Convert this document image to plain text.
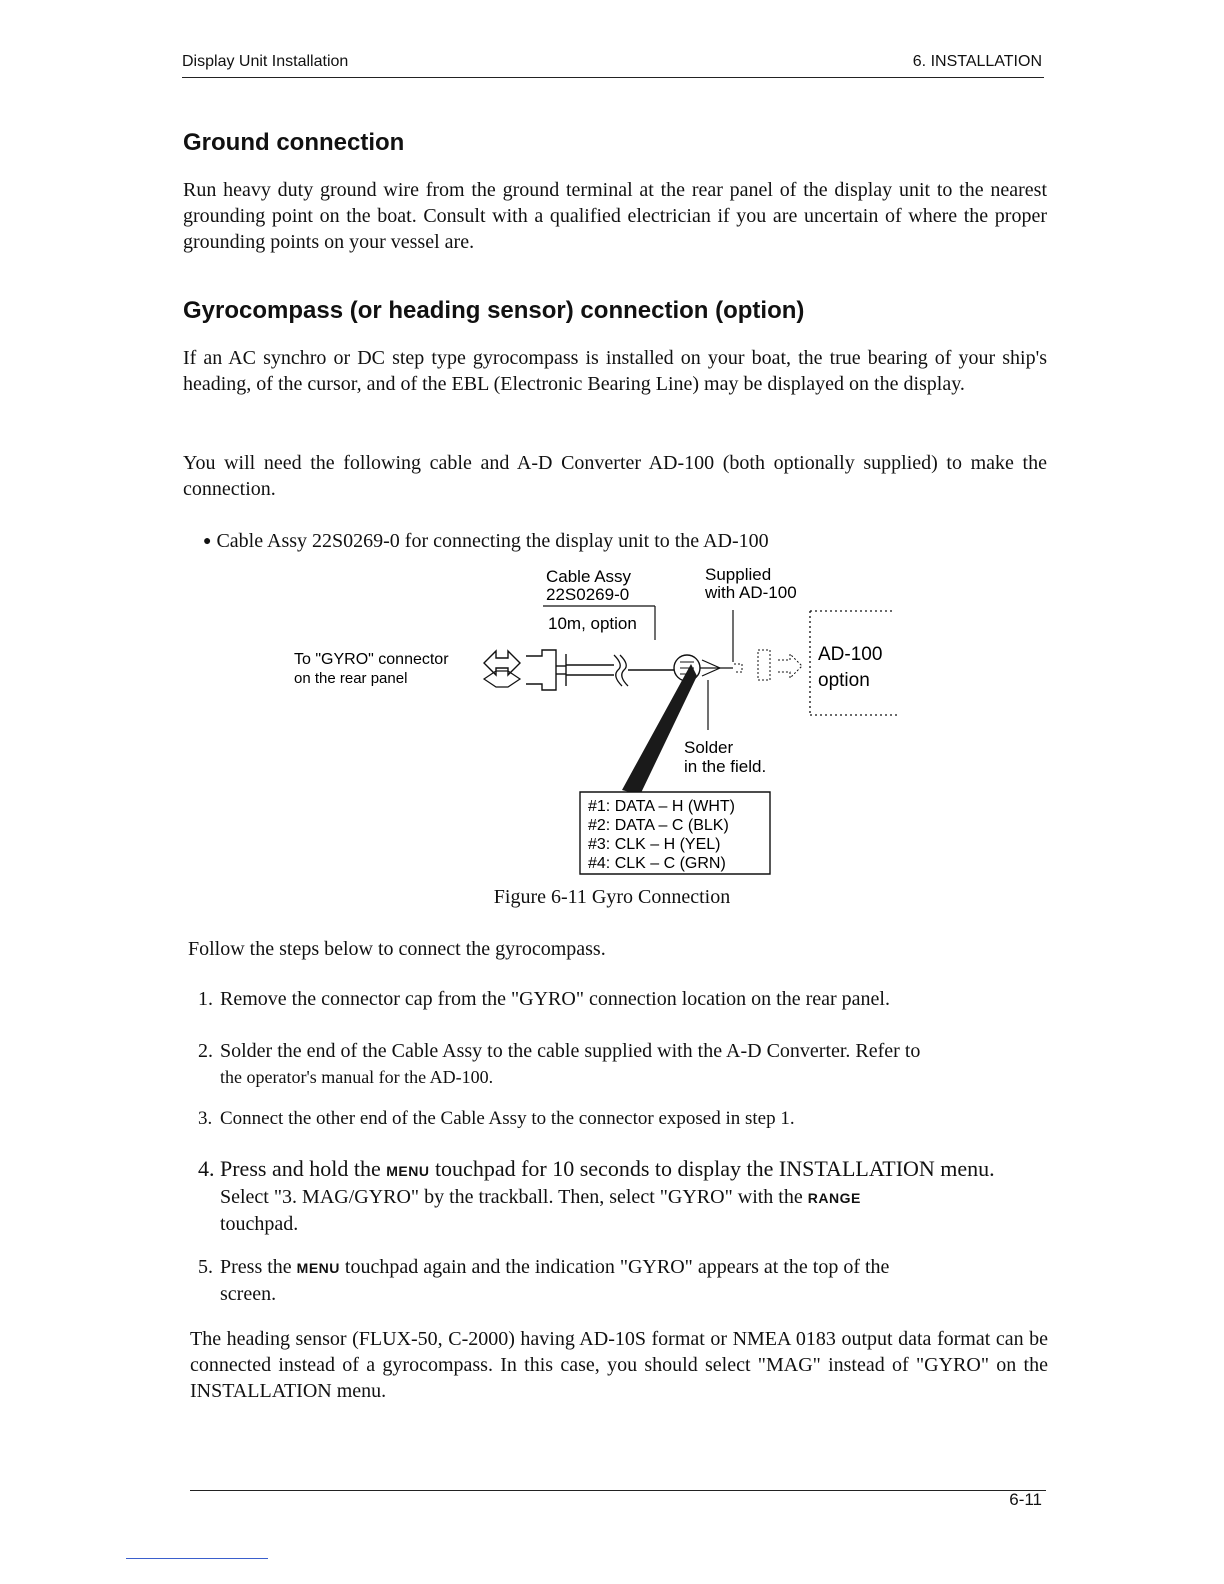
Display Unit Installation	6. INSTALLATION
Ground connection

Run heavy duty ground wire from the ground terminal at the rear panel of the display unit to the nearest grounding point on the boat. Consult with a qualified electrician if you are uncertain of where the proper grounding points on your vessel are.

Gyrocompass (or heading sensor) connection (option)

If an AC synchro or DC step type gyrocompass is installed on your boat, the true bearing of your ship's heading, of the cursor, and of the EBL (Electronic Bearing Line) may be displayed on the display.

You will need the following cable and A-D Converter AD-100 (both optionally supplied) to make the connection.

● Cable Assy 22S0269-0 for connecting the display unit to the AD-100
Cable Assy
22S0269-0
Supplied
with AD-100
10m, option
To "GYRO" connector
on the rear panel
AD-100
option
Solder
in the field.
#1: DATA – H (WHT)
#2: DATA – C (BLK)
#3: CLK – H (YEL)
#4: CLK – C (GRN)
Figure 6-11 Gyro Connection

Follow the steps below to connect the gyrocompass.

1. Remove the connector cap from the "GYRO" connection location on the rear panel.

2. Solder the end of the Cable Assy to the cable supplied with the A-D Converter. Refer to
the operator's manual for the AD-100.

3. Connect the other end of the Cable Assy to the connector exposed in step 1.

4. Press and hold the MENU touchpad for 10 seconds to display the INSTALLATION menu.
Select "3. MAG/GYRO" by the trackball. Then, select "GYRO" with the RANGE
touchpad.

5. Press the MENU touchpad again and the indication "GYRO" appears at the top of the
screen.

The heading sensor (FLUX-50, C-2000) having AD-10S format or NMEA 0183 output data format can be connected instead of a gyrocompass. In this case, you should select "MAG" instead of "GYRO" on the INSTALLATION menu.

6-11
